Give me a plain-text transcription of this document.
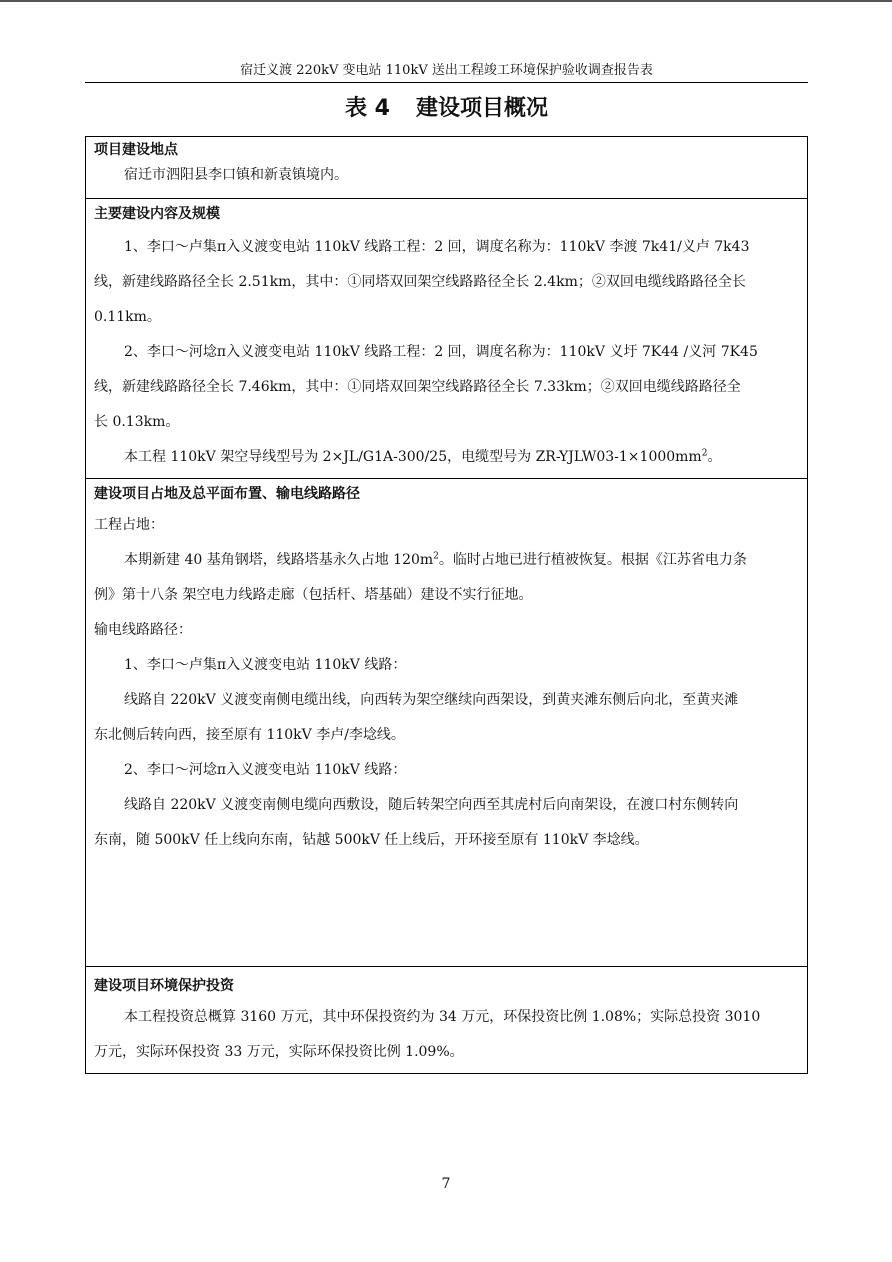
宿迁义渡 220kV 变电站 110kV 送出工程竣工环境保护验收调查报告表
表 4 建设项目概况
项目建设地点

宿迁市泗阳县李口镇和新袁镇境内。

主要建设内容及规模

1、李口～卢集π入义渡变电站 110kV 线路工程：2 回，调度名称为：110kV 李渡 7k41/义卢 7k43
线，新建线路路径全长 2.51km，其中：①同塔双回架空线路路径全长 2.4km；②双回电缆线路路径全长
0.11km。

2、李口～河埝π入义渡变电站 110kV 线路工程：2 回，调度名称为：110kV 义圩 7K44 /义河 7K45
线，新建线路路径全长 7.46km，其中：①同塔双回架空线路路径全长 7.33km；②双回电缆线路路径全
长 0.13km。

本工程 110kV 架空导线型号为 2×JL/G1A-300/25，电缆型号为 $ZR-YJLW03-1\times 1000mm^2$。

建设项目占地及总平面布置、输电线路路径

工程占地：

本期新建 40 基角钢塔，线路塔基永久占地 $120m^2$。临时占地已进行植被恢复。根据《江苏省电力条
例》第十八条 架空电力线路走廊（包括杆、塔基础）建设不实行征地。

输电线路路径：

1、李口～卢集π入义渡变电站 110kV 线路：

线路自 220kV 义渡变南侧电缆出线，向西转为架空继续向西架设，到黄夹滩东侧后向北，至黄夹滩
东北侧后转向西，接至原有 110kV 李卢/李埝线。

2、李口～河埝π入义渡变电站 110kV 线路：

线路自 220kV 义渡变南侧电缆向西敷设，随后转架空向西至其虎村后向南架设，在渡口村东侧转向
东南，随 500kV 任上线向东南，钻越 500kV 任上线后，开环接至原有 110kV 李埝线。

建设项目环境保护投资

本工程投资总概算 3160 万元，其中环保投资约为 34 万元，环保投资比例 1.08%；实际总投资 3010
万元，实际环保投资 33 万元，实际环保投资比例 1.09%。

7
